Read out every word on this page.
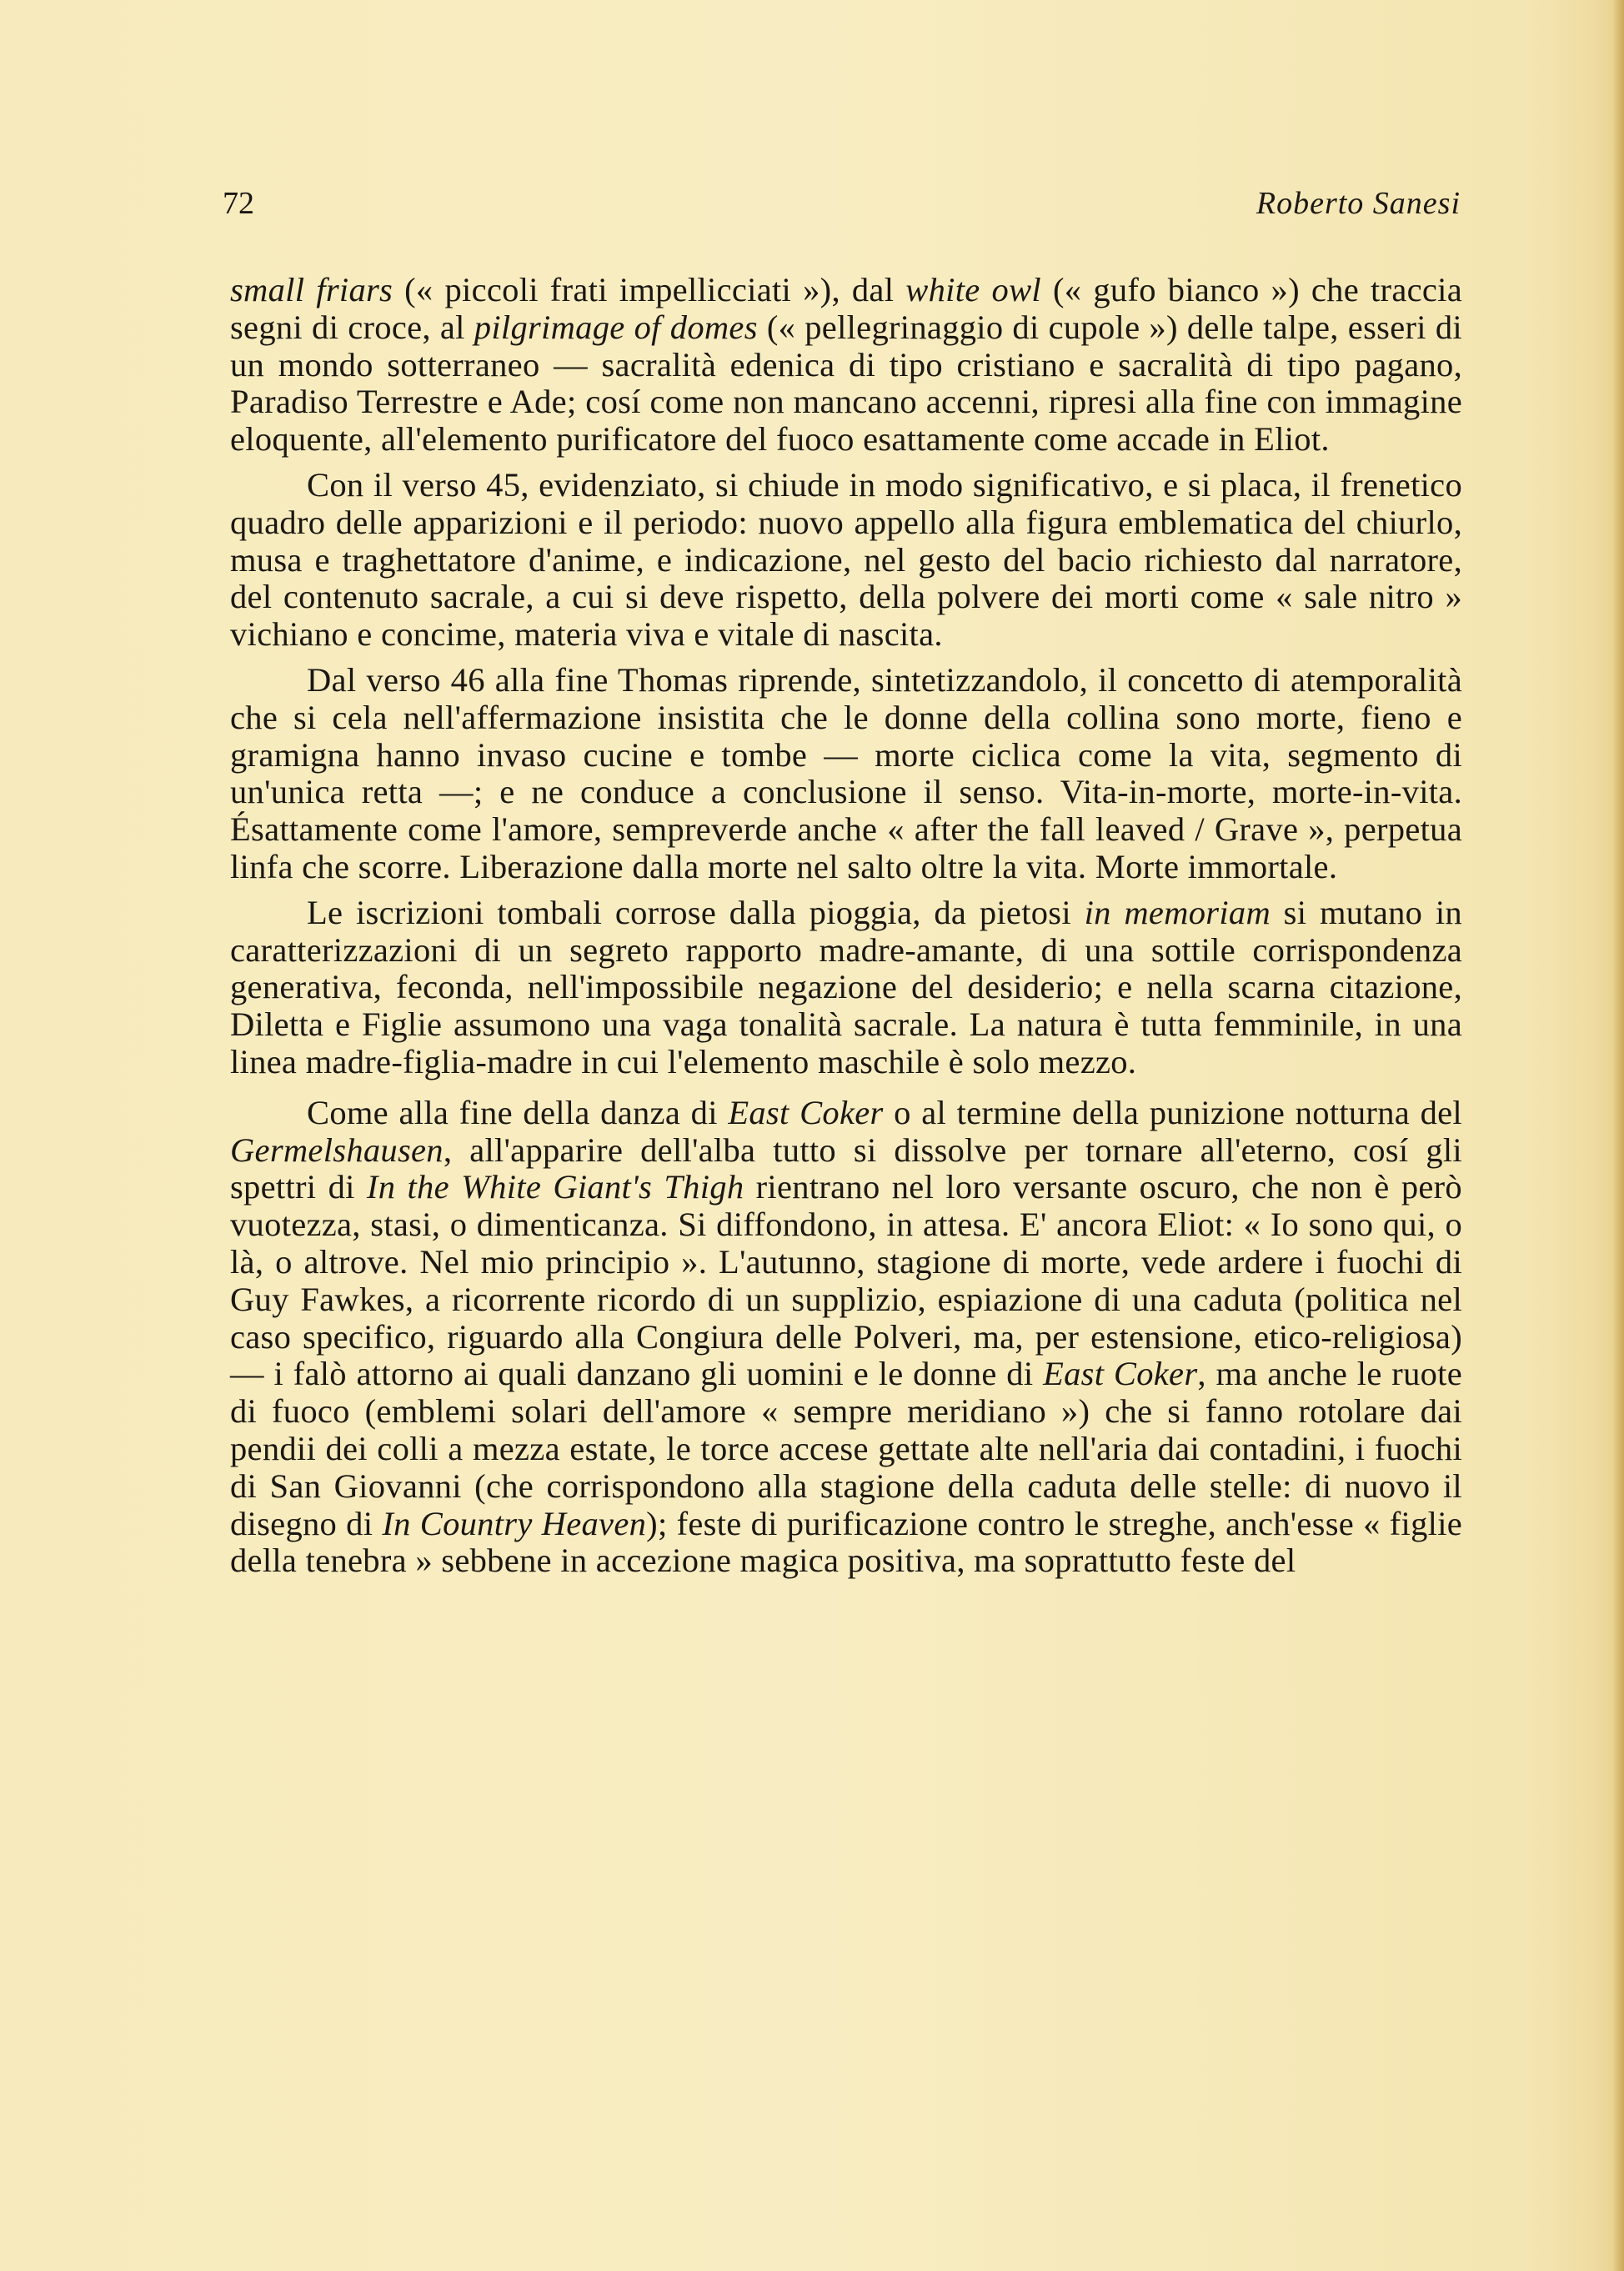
72	Roberto Sanesi

small friars (« piccoli frati impellicciati »), dal white owl (« gufo bianco ») che traccia segni di croce, al pilgrimage of domes (« pellegrinaggio di cupole ») delle talpe, esseri di un mondo sotterraneo — sacralità edenica di tipo cristiano e sacralità di tipo pagano, Paradiso Terrestre e Ade; cosí come non mancano accenni, ripresi alla fine con immagine eloquente, all'elemento purificatore del fuoco esattamente come accade in Eliot.

Con il verso 45, evidenziato, si chiude in modo significativo, e si placa, il frenetico quadro delle apparizioni e il periodo: nuovo appello alla figura emblematica del chiurlo, musa e traghettatore d'anime, e indicazione, nel gesto del bacio richiesto dal narratore, del contenuto sacrale, a cui si deve rispetto, della polvere dei morti come « sale nitro » vichiano e concime, materia viva e vitale di nascita.

Dal verso 46 alla fine Thomas riprende, sintetizzandolo, il concetto di atemporalità che si cela nell'affermazione insistita che le donne della collina sono morte, fieno e gramigna hanno invaso cucine e tombe — morte ciclica come la vita, segmento di un'unica retta —; e ne conduce a conclusione il senso. Vita-in-morte, morte-in-vita. Ésattamente come l'amore, sempreverde anche « after the fall leaved / Grave », perpetua linfa che scorre. Liberazione dalla morte nel salto oltre la vita. Morte immortale.

Le iscrizioni tombali corrose dalla pioggia, da pietosi in memoriam si mutano in caratterizzazioni di un segreto rapporto madre-amante, di una sottile corrispondenza generativa, feconda, nell'impossibile negazione del desiderio; e nella scarna citazione, Diletta e Figlie assumono una vaga tonalità sacrale. La natura è tutta femminile, in una linea madre-figlia-madre in cui l'elemento maschile è solo mezzo.

Come alla fine della danza di East Coker o al termine della punizione notturna del Germelshausen, all'apparire dell'alba tutto si dissolve per tornare all'eterno, cosí gli spettri di In the White Giant's Thigh rientrano nel loro versante oscuro, che non è però vuotezza, stasi, o dimenticanza. Si diffondono, in attesa. E' ancora Eliot: « Io sono qui, o là, o altrove. Nel mio principio ». L'autunno, stagione di morte, vede ardere i fuochi di Guy Fawkes, a ricorrente ricordo di un supplizio, espiazione di una caduta (politica nel caso specifico, riguardo alla Congiura delle Polveri, ma, per estensione, etico-religiosa) — i falò attorno ai quali danzano gli uomini e le donne di East Coker, ma anche le ruote di fuoco (emblemi solari dell'amore « sempre meridiano ») che si fanno rotolare dai pendii dei colli a mezza estate, le torce accese gettate alte nell'aria dai contadini, i fuochi di San Giovanni (che corrispondono alla stagione della caduta delle stelle: di nuovo il disegno di In Country Heaven); feste di purificazione contro le streghe, anch'esse « figlie della tenebra » sebbene in accezione magica positiva, ma soprattutto feste del
